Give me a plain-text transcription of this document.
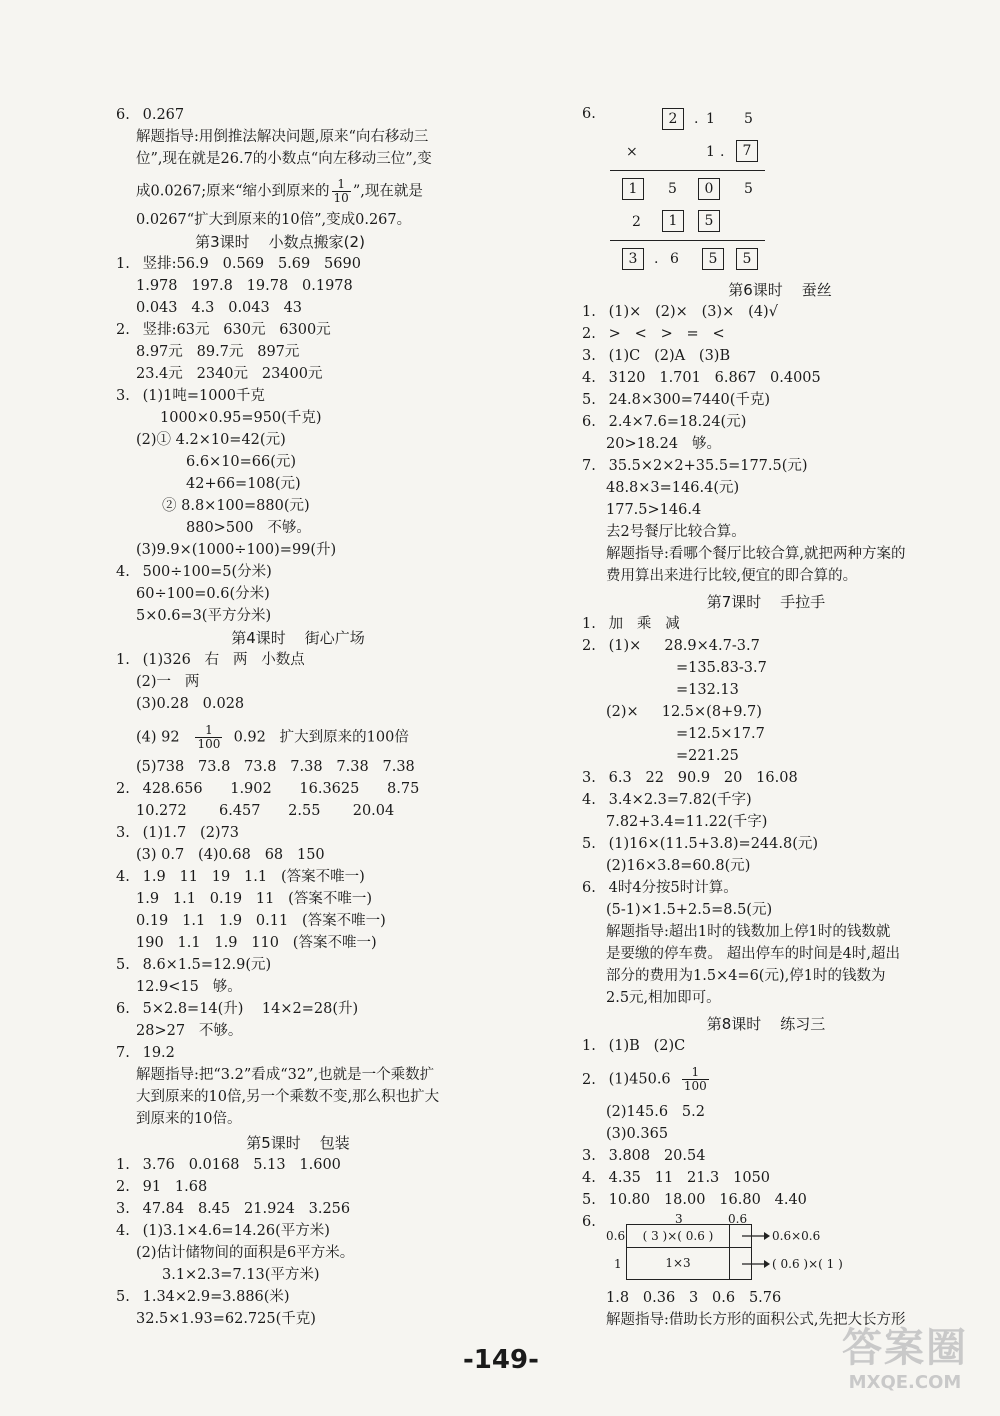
6. 0.267
解题指导:用倒推法解决问题,原来“向右移动三
位”,现在就是26.7的小数点“向左移动三位”,变
成0.0267;原来“缩小到原来的 $\frac{1}{10}$ ”,现在就是
0.0267“扩大到原来的10倍”,变成0.267。
第3课时    小数点搬家(2)
1. 竖排:56.9   0.569   5.69   5690
1.978   197.8   19.78   0.1978
0.043   4.3   0.043   43
2. 竖排:63元   630元   6300元
8.97元   89.7元   897元
23.4元   2340元   23400元
3. (1)1吨=1000千克
1000×0.95=950(千克)
(2)① 4.2×10=42(元)
6.6×10=66(元)
42+66=108(元)
② 8.8×100=880(元)
880>500   不够。
(3)9.9×(1000÷100)=99(升)
4. 500÷100=5(分米)
60÷100=0.6(分米)
5×0.6=3(平方分米)
第4课时    街心广场
1. (1)326   右   两   小数点
(2)一   两
(3)0.28   0.028
(4) $92 \frac{1}{100} 0.92$   扩大到原来的100倍
(5)738   73.8   73.8   7.38   7.38   7.38
2. 428.656      1.902      16.3625      8.75
10.272       6.457      2.55       20.04
3. (1)1.7   (2)73
(3) 0.7   (4)0.68   68   150
4. 1.9   11   19   1.1   (答案不唯一)
1.9   1.1   0.19   11   (答案不唯一)
0.19   1.1   1.9   0.11   (答案不唯一)
190   1.1   1.9   110   (答案不唯一)
5. 8.6×1.5=12.9(元)
12.9<15   够。
6. 5×2.8=14(升)    14×2=28(升)
28>27   不够。
7. 19.2
解题指导:把“3.2”看成“32”,也就是一个乘数扩
大到原来的10倍,另一个乘数不变,那么积也扩大
到原来的10倍。
第5课时    包装
1. 3.76   0.0168   5.13   1.600
2. 91   1.68
3. 47.84   8.45   21.924   3.256
4. (1)3.1×4.6=14.26(平方米)
(2)估计储物间的面积是6平方米。
3.1×2.3=7.13(平方米)
5. 1.34×2.9=3.886(米)
32.5×1.93=62.725(千克)
6.	2	. 1 5
×	1 .	7
1	5	0	5
2	1	5
3	. 6	5	5
第6课时    蚕丝
1. (1)×   (2)×   (3)×   (4)√
2. >   <   >   =   <
3. (1)C   (2)A   (3)B
4. 3120   1.701   6.867   0.4005
5. 24.8×300=7440(千克)
6. 2.4×7.6=18.24(元)
20>18.24   够。
7. 35.5×2×2+35.5=177.5(元)
48.8×3=146.4(元)
177.5>146.4
去2号餐厅比较合算。
解题指导:看哪个餐厅比较合算,就把两种方案的
费用算出来进行比较,便宜的即合算的。
第7课时    手拉手
1. 加   乘   减
2. (1)×     28.9×4.7-3.7
=135.83-3.7
=132.13
(2)×     12.5×(8+9.7)
=12.5×17.7
=221.25
3. 6.3   22   90.9   20   16.08
4. 3.4×2.3=7.82(千字)
7.82+3.4=11.22(千字)
5. (1)16×(11.5+3.8)=244.8(元)
(2)16×3.8=60.8(元)
6. 4时4分按5时计算。
(5-1)×1.5+2.5=8.5(元)
解题指导:超出1时的钱数加上停1时的钱数就
是要缴的停车费。 超出停车的时间是4时,超出
部分的费用为1.5×4=6(元),停1时的钱数为
2.5元,相加即可。
第8课时    练习三
1. (1)B   (2)C
2. $(1)450.6 \frac{1}{100}$
(2)145.6   5.2
(3)0.365
3. 3.808   20.54
4. 4.35   11   21.3   1050
5. 10.80   18.00   16.80   4.40
6.	3	0.6
0.6
1
( 3 )×( 0.6 )
1×3
0.6×0.6
( 0.6 )×( 1 )
1.8   0.36   3   0.6   5.76
解题指导:借助长方形的面积公式,先把大长方形
-149-	答案圈
MXQE.COM
